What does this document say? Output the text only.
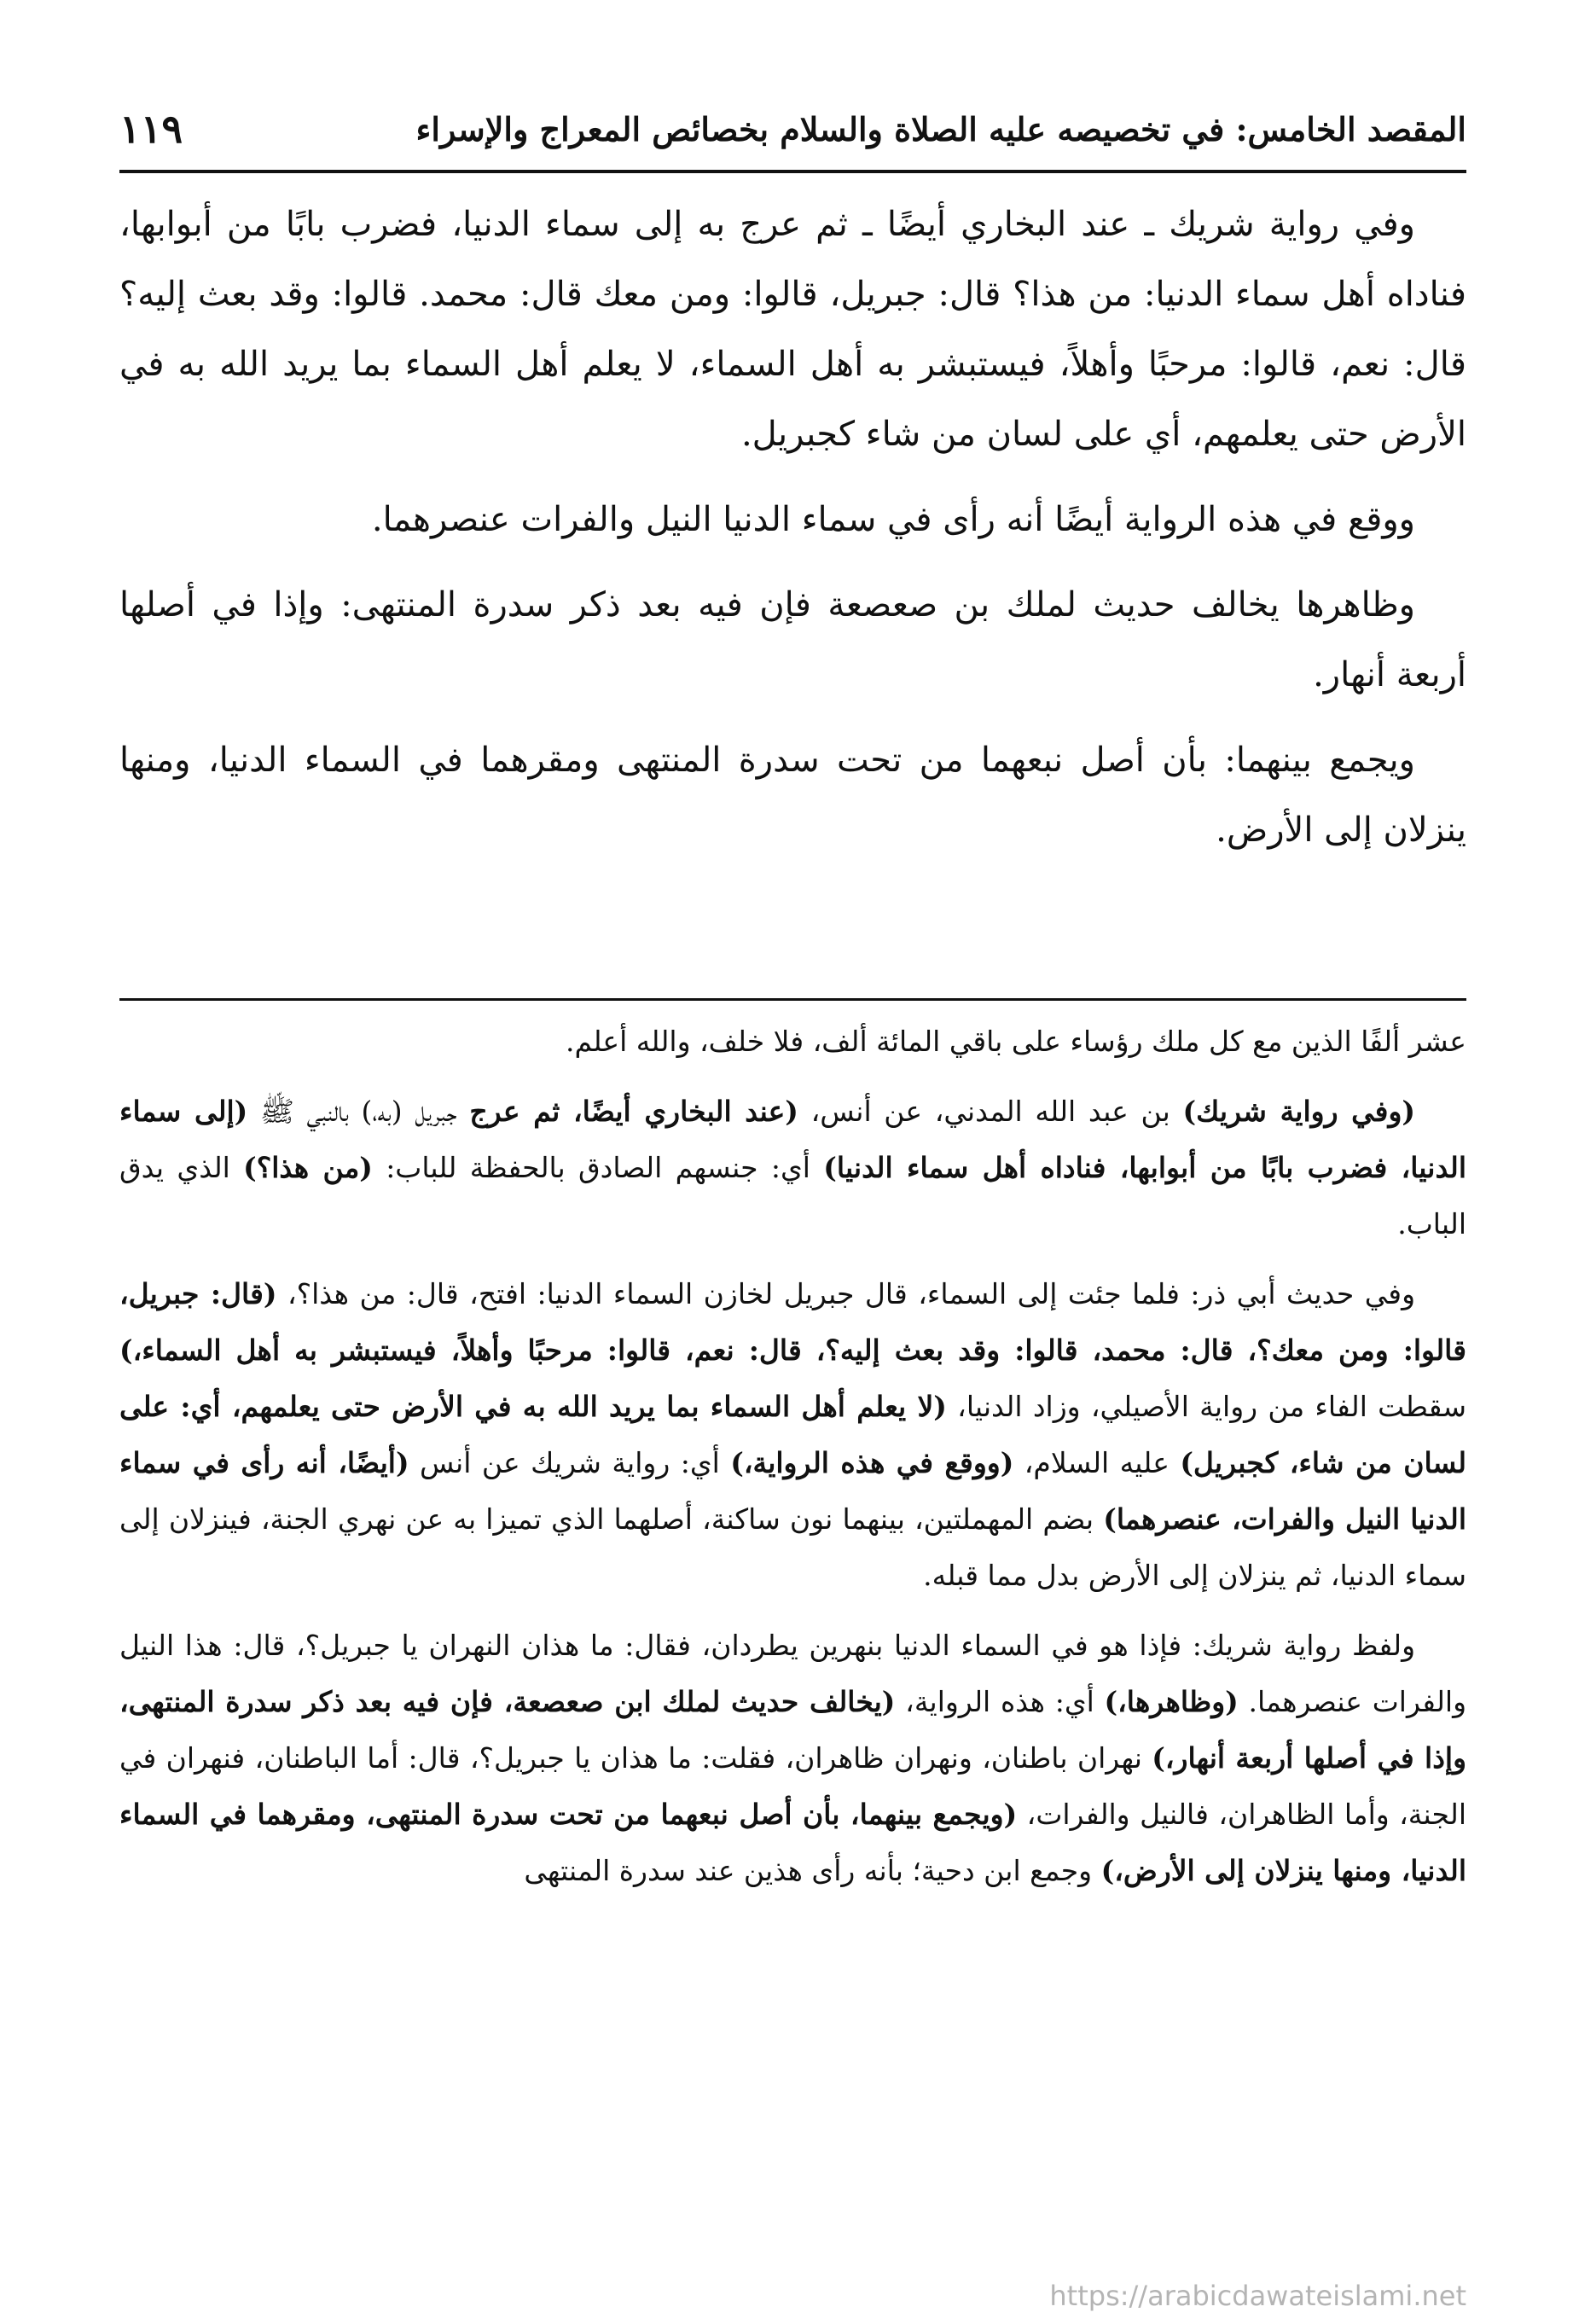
المقصد الخامس: في تخصيصه عليه الصلاة والسلام بخصائص المعراج والإسراء
١١٩

وفي رواية شريك ـ عند البخاري أيضًا ـ ثم عرج به إلى سماء الدنيا، فضرب بابًا من أبوابها، فناداه أهل سماء الدنيا: من هذا؟ قال: جبريل، قالوا: ومن معك قال: محمد. قالوا: وقد بعث إليه؟ قال: نعم، قالوا: مرحبًا وأهلاً، فيستبشر به أهل السماء، لا يعلم أهل السماء بما يريد الله به في الأرض حتى يعلمهم، أي على لسان من شاء كجبريل.

ووقع في هذه الرواية أيضًا أنه رأى في سماء الدنيا النيل والفرات عنصرهما.

وظاهرها يخالف حديث لملك بن صعصعة فإن فيه بعد ذكر سدرة المنتهى: وإذا في أصلها أربعة أنهار.

ويجمع بينهما: بأن أصل نبعهما من تحت سدرة المنتهى ومقرهما في السماء الدنيا، ومنها ينزلان إلى الأرض.

عشر ألفًا الذين مع كل ملك رؤساء على باقي المائة ألف، فلا خلف، والله أعلم.

(وفي رواية شريك) بن عبد الله المدني، عن أنس، (عند البخاري أيضًا، ثم عرج جبريل (به،) بالنبي ﷺ (إلى سماء الدنيا، فضرب بابًا من أبوابها، فناداه أهل سماء الدنيا) أي: جنسهم الصادق بالحفظة للباب: (من هذا؟) الذي يدق الباب.

وفي حديث أبي ذر: فلما جئت إلى السماء، قال جبريل لخازن السماء الدنيا: افتح، قال: من هذا؟، (قال: جبريل، قالوا: ومن معك؟، قال: محمد، قالوا: وقد بعث إليه؟، قال: نعم، قالوا: مرحبًا وأهلاً، فيستبشر به أهل السماء،) سقطت الفاء من رواية الأصيلي، وزاد الدنيا، (لا يعلم أهل السماء بما يريد الله به في الأرض حتى يعلمهم، أي: على لسان من شاء، كجبريل) عليه السلام، (ووقع في هذه الرواية،) أي: رواية شريك عن أنس (أيضًا، أنه رأى في سماء الدنيا النيل والفرات، عنصرهما) بضم المهملتين، بينهما نون ساكنة، أصلهما الذي تميزا به عن نهري الجنة، فينزلان إلى سماء الدنيا، ثم ينزلان إلى الأرض بدل مما قبله.

ولفظ رواية شريك: فإذا هو في السماء الدنيا بنهرين يطردان، فقال: ما هذان النهران يا جبريل؟، قال: هذا النيل والفرات عنصرهما. (وظاهرها،) أي: هذه الرواية، (يخالف حديث لملك ابن صعصعة، فإن فيه بعد ذكر سدرة المنتهى، وإذا في أصلها أربعة أنهار،) نهران باطنان، ونهران ظاهران، فقلت: ما هذان يا جبريل؟، قال: أما الباطنان، فنهران في الجنة، وأما الظاهران، فالنيل والفرات، (ويجمع بينهما، بأن أصل نبعهما من تحت سدرة المنتهى، ومقرهما في السماء الدنيا، ومنها ينزلان إلى الأرض،) وجمع ابن دحية؛ بأنه رأى هذين عند سدرة المنتهى

https://arabicdawateislami.net
